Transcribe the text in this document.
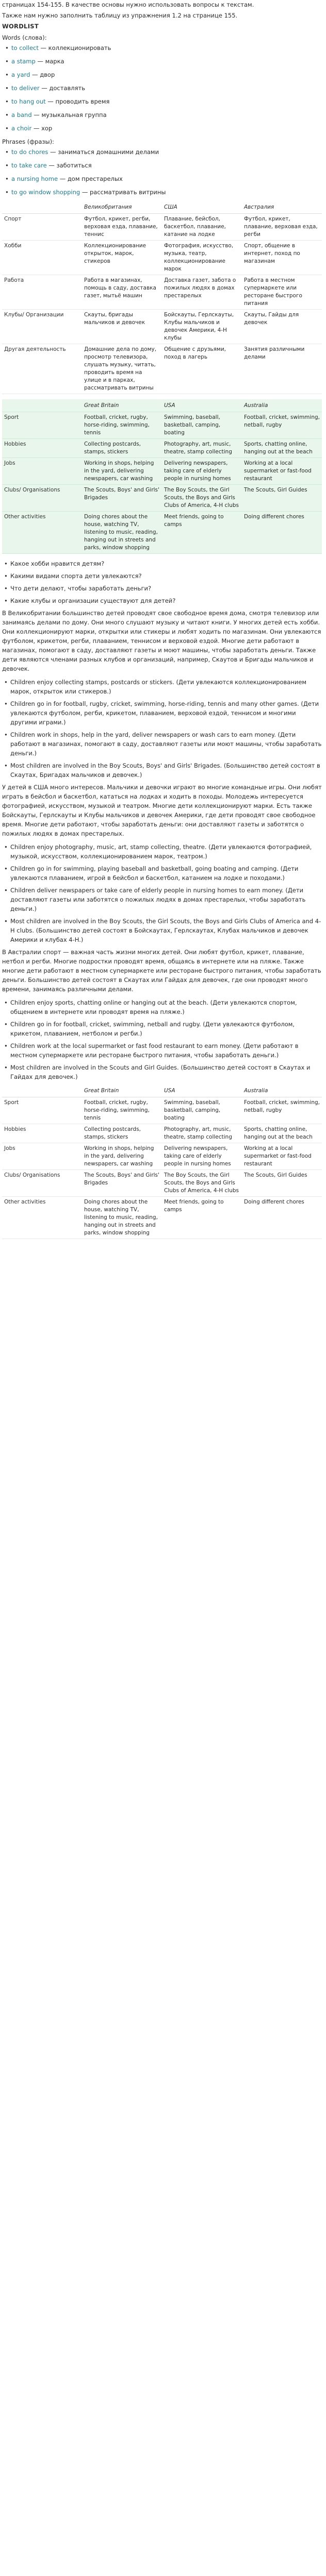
страницах 154-155. В качестве основы нужно использовать вопросы к текстам.

Также нам нужно заполнить таблицу из упражнения 1.2 на странице 155.

WORDLIST

Words (слова):

• to collect — коллекционировать
• a stamp — марка
• a yard — двор
• to deliver — доставлять
• to hang out — проводить время
• a band — музыкальная группа
• a choir — хор

Phrases (фразы):

• to do chores — заниматься домашними делами
• to take care — заботиться
• a nursing home — дом престарелых
• to go window shopping — рассматривать витрины
	Великобритания	США	Австралия
Спорт	Футбол, крикет, регби, верховая езда, плавание, теннис	Плавание, бейсбол, баскетбол, плавание, катание на лодке	Футбол, крикет, плавание, верховая езда, регби
Хобби	Коллекционирование открыток, марок, стикеров	Фотография, искусство, музыка, театр, коллекционирование марок	Спорт, общение в интернет, поход по магазинам
Работа	Работа в магазинах, помощь в саду, доставка газет, мытьё машин	Доставка газет, забота о пожилых людях в домах престарелых	Работа в местном супермаркете или ресторане быстрого питания
Клубы/ Организации	Скауты, бригады мальчиков и девочек	Бойскауты, Герлскауты, Клубы мальчиков и девочек Америки, 4-H клубы	Скауты, Гайды для девочек
Другая деятельность	Домашние дела по дому, просмотр телевизора, слушать музыку, читать, проводить время на улице и в парках, рассматривать витрины	Общение с друзьями, поход в лагерь	Занятия различными делами
	Great Britain	USA	Australia
Sport	Football, cricket, rugby, horse-riding, swimming, tennis	Swimming, baseball, basketball, camping, boating	Football, cricket, swimming, netball, rugby
Hobbies	Collecting postcards, stamps, stickers	Photography, art, music, theatre, stamp collecting	Sports, chatting online, hanging out at the beach
Jobs	Working in shops, helping in the yard, delivering newspapers, car washing	Delivering newspapers, taking care of elderly people in nursing homes	Working at a local supermarket or fast-food restaurant
Clubs/ Organisations	The Scouts, Boys' and Girls' Brigades	The Boy Scouts, the Girl Scouts, the Boys and Girls Clubs of America, 4-H clubs	The Scouts, Girl Guides
Other activities	Doing chores about the house, watching TV, listening to music, reading, hanging out in streets and parks, window shopping	Meet friends, going to camps	Doing different chores
• Какое хобби нравится детям?
• Какими видами спорта дети увлекаются?
• Что дети делают, чтобы заработать деньги?
• Какие клубы и организации существуют для детей?

В Великобритании большинство детей проводят свое свободное время дома, смотря телевизор или занимаясь делами по дому. Они много слушают музыку и читают книги. У многих детей есть хобби. Они коллекционируют марки, открытки или стикеры и любят ходить по магазинам. Они увлекаются футболом, крикетом, регби, плаванием, теннисом и верховой ездой. Многие дети работают в магазинах, помогают в саду, доставляют газеты и моют машины, чтобы заработать деньги. Также дети являются членами разных клубов и организаций, например, Скаутов и Бригады мальчиков и девочек.

• Children enjoy collecting stamps, postcards or stickers. (Дети увлекаются коллекционированием марок, открыток или стикеров.)
• Children go in for football, rugby, cricket, swimming, horse-riding, tennis and many other games. (Дети увлекаются футболом, регби, крикетом, плаванием, верховой ездой, теннисом и многими другими играми.)
• Children work in shops, help in the yard, deliver newspapers or wash cars to earn money. (Дети работают в магазинах, помогают в саду, доставляют газеты или моют машины, чтобы заработать деньги.)
• Most children are involved in the Boy Scouts, Boys' and Girls' Brigades. (Большинство детей состоят в Скаутах, Бригадах мальчиков и девочек.)

У детей в США много интересов. Мальчики и девочки играют во многие командные игры. Они любят играть в бейсбол и баскетбол, кататься на лодках и ходить в походы. Молодежь интересуется фотографией, искусством, музыкой и театром. Многие дети коллекционируют марки. Есть также Бойскауты, Герлскауты и Клубы мальчиков и девочек Америки, где дети проводят свое свободное время. Многие дети работают, чтобы заработать деньги: они доставляют газеты и заботятся о пожилых людях в домах престарелых.

• Children enjoy photography, music, art, stamp collecting, theatre. (Дети увлекаются фотографией, музыкой, искусством, коллекционированием марок, театром.)
• Children go in for swimming, playing baseball and basketball, going boating and camping. (Дети увлекаются плаванием, игрой в бейсбол и баскетбол, катанием на лодке и походами.)
• Children deliver newspapers or take care of elderly people in nursing homes to earn money. (Дети доставляют газеты или заботятся о пожилых людях в домах престарелых, чтобы заработать деньги.)
• Most children are involved in the Boy Scouts, the Girl Scouts, the Boys and Girls Clubs of America and 4-H clubs. (Большинство детей состоят в Бойскаутах, Герлскаутах, Клубах мальчиков и девочек Америки и клубах 4-H.)

В Австралии спорт — важная часть жизни многих детей. Они любят футбол, крикет, плавание, нетбол и регби. Многие подростки проводят время, общаясь в интернете или на пляже. Также многие дети работают в местном супермаркете или ресторане быстрого питания, чтобы заработать деньги. Большинство детей состоят в Скаутах или Гайдах для девочек, где они проводят много времени, занимаясь различными делами.

• Children enjoy sports, chatting online or hanging out at the beach. (Дети увлекаются спортом, общением в интернете или проводят время на пляже.)
• Children go in for football, cricket, swimming, netball and rugby. (Дети увлекаются футболом, крикетом, плаванием, нетболом и регби.)
• Children work at the local supermarket or fast food restaurant to earn money. (Дети работают в местном супермаркете или ресторане быстрого питания, чтобы заработать деньги.)
• Most children are involved in the Scouts and Girl Guides. (Большинство детей состоят в Скаутах и Гайдах для девочек.)
	Great Britain	USA	Australia
Sport	Football, cricket, rugby, horse-riding, swimming, tennis	Swimming, baseball, basketball, camping, boating	Football, cricket, swimming, netball, rugby
Hobbies	Collecting postcards, stamps, stickers	Photography, art, music, theatre, stamp collecting	Sports, chatting online, hanging out at the beach
Jobs	Working in shops, helping in the yard, delivering newspapers, car washing	Delivering newspapers, taking care of elderly people in nursing homes	Working at a local supermarket or fast-food restaurant
Clubs/ Organisations	The Scouts, Boys' and Girls' Brigades	The Boy Scouts, the Girl Scouts, the Boys and Girls Clubs of America, 4-H clubs	The Scouts, Girl Guides
Other activities	Doing chores about the house, watching TV, listening to music, reading, hanging out in streets and parks, window shopping	Meet friends, going to camps	Doing different chores
